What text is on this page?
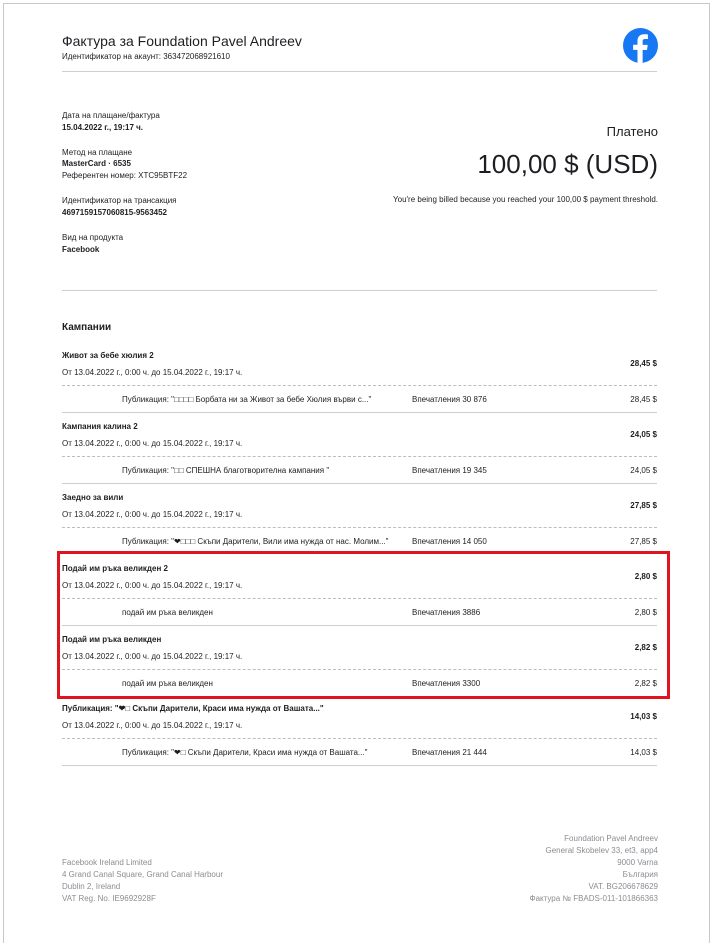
Фактура за Foundation Pavel Andreev
Идентификатор на акаунт: 363472068921610
Дата на плащане/фактура
15.04.2022 г., 19:17 ч.
Метод на плащане
MasterCard · 6535
Референтен номер: XTC95BTF22
Идентификатор на трансакция
4697159157060815-9563452
Вид на продукта
Facebook
Платено
100,00 $ (USD)
You're being billed because you reached your 100,00 $ payment threshold.
Кампании
Живот за бебе хюлия 2
От 13.04.2022 г., 0:00 ч. до 15.04.2022 г., 19:17 ч.
28,45 $
Публикация: "□□□□ Борбата ни за Живот за бебе Хюлия върви с..."	Впечатления 30 876	28,45 $
Кампания калина 2
От 13.04.2022 г., 0:00 ч. до 15.04.2022 г., 19:17 ч.
24,05 $
Публикация: "□□ СПЕШНА благотворителна кампания "	Впечатления 19 345	24,05 $
Заедно за вили
От 13.04.2022 г., 0:00 ч. до 15.04.2022 г., 19:17 ч.
27,85 $
Публикация: "❤□□□ Скъпи Дарители, Вили има нужда от нас. Молим..."	Впечатления 14 050	27,85 $
Подай им ръка великден 2
От 13.04.2022 г., 0:00 ч. до 15.04.2022 г., 19:17 ч.
2,80 $
подай им ръка великден	Впечатления 3886	2,80 $
Подай им ръка великден
От 13.04.2022 г., 0:00 ч. до 15.04.2022 г., 19:17 ч.
2,82 $
подай им ръка великден	Впечатления 3300	2,82 $
Публикация: "❤□ Скъпи Дарители, Краси има нужда от Вашата..."
От 13.04.2022 г., 0:00 ч. до 15.04.2022 г., 19:17 ч.
14,03 $
Публикация: "❤□ Скъпи Дарители, Краси има нужда от Вашата..."	Впечатления 21 444	14,03 $
Facebook Ireland Limited
4 Grand Canal Square, Grand Canal Harbour
Dublin 2, Ireland
VAT Reg. No. IE9692928F
Foundation Pavel Andreev
General Skobelev 33, et3, app4
9000 Varna
България
VAT. BG206678629
Фактура № FBADS-011-101866363
